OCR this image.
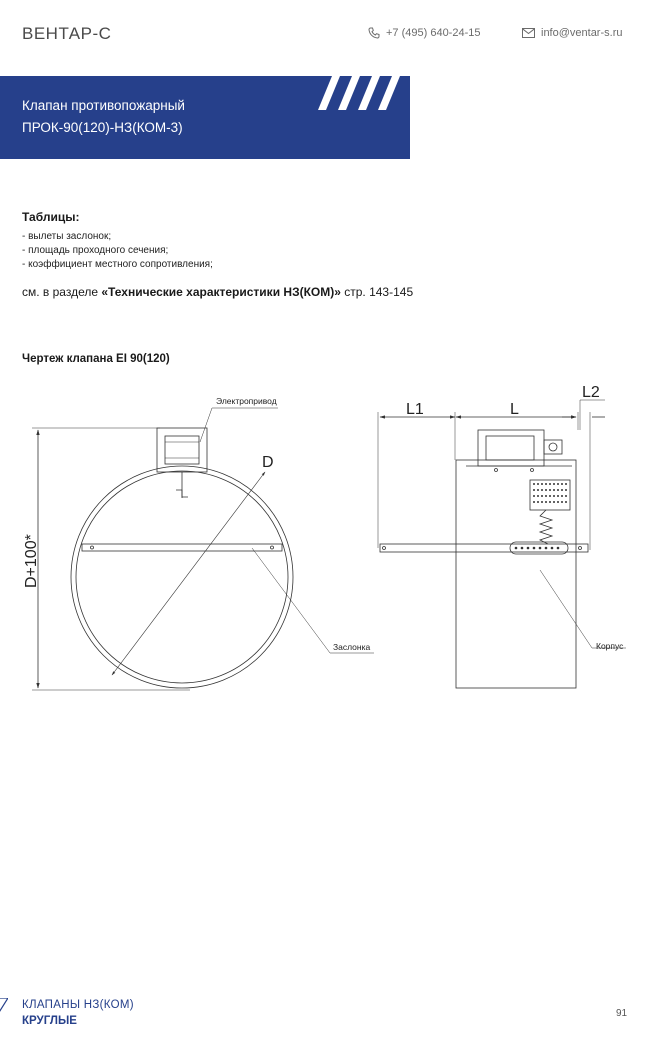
ВЕНТАР-С	+7 (495) 640-24-15	info@ventar-s.ru
Клапан противопожарный
ПРОК-90(120)-НЗ(КОМ-3)
Таблицы:
- вылеты заслонок;
- площадь проходного сечения;
- коэффициент местного сопротивления;
см. в разделе «Технические характеристики НЗ(КОМ)» стр. 143-145
Чертеж клапана EI 90(120)
Электропривод
D
D+100*
Заслонка
L1	L
L2
Корпус
КЛАПАНЫ НЗ(КОМ)
КРУГЛЫЕ
91
